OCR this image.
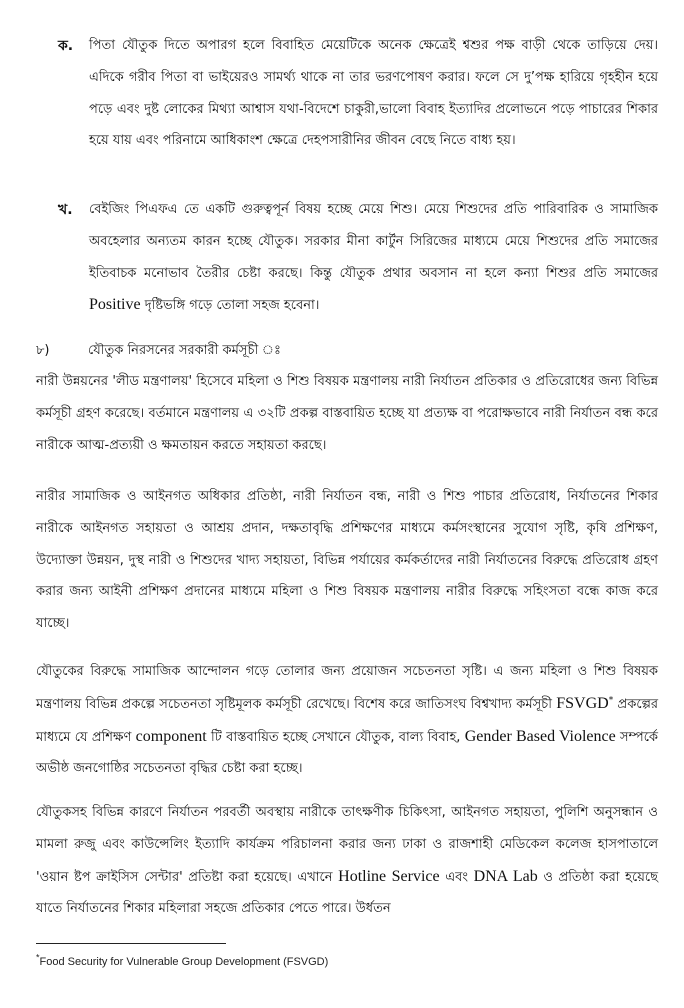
ক. পিতা যৌতুক দিতে অপারগ হলে বিবাহিত মেয়েটিকে অনেক ক্ষেত্রেই শ্বশুর পক্ষ বাড়ী থেকে তাড়িয়ে দেয়। এদিকে গরীব পিতা বা ভাইয়েরও সামর্থ্য থাকে না তার ভরণপোষণ করার। ফলে সে দু’পক্ষ হারিয়ে গৃহহীন হয়ে পড়ে এবং দুষ্ট লোকের মিথ্যা আশ্বাস যথা-বিদেশে চাকুরী,ভালো বিবাহ ইত্যাদির প্রলোভনে পড়ে পাচারের শিকার হয়ে যায় এবং পরিনামে আধিকাংশ ক্ষেত্রে দেহপসারীনির জীবন বেছে নিতে বাধ্য হয়।

খ. বেইজিং পিএফএ তে একটি গুরুত্বপূর্ন বিষয় হচ্ছে মেয়ে শিশু। মেয়ে শিশুদের প্রতি পারিবারিক ও সামাজিক অবহেলার অন্যতম কারন হচ্ছে যৌতুক। সরকার মীনা কার্টুন সিরিজের মাধ্যমে মেয়ে শিশুদের প্রতি সমাজের ইতিবাচক মনোভাব তৈরীর চেষ্টা করছে। কিন্তু যৌতুক প্রথার অবসান না হলে কন্যা শিশুর প্রতি সমাজের Positive দৃষ্টিভঙ্গি গড়ে তোলা সহজ হবেনা।

৮)	যৌতুক নিরসনের সরকারী কর্মসূচী ঃ

নারী উন্নয়নের 'লীড মন্ত্রণালয়' হিসেবে মহিলা ও শিশু বিষয়ক মন্ত্রণালয় নারী নির্যাতন প্রতিকার ও প্রতিরোধের জন্য বিভিন্ন কর্মসূচী গ্রহণ করেছে। বর্তমানে মন্ত্রণালয় এ ৩২টি প্রকল্প বাস্তবায়িত হচ্ছে যা প্রত্যক্ষ বা পরোক্ষভাবে নারী নির্যাতন বন্ধ করে নারীকে আত্ম-প্রত্যয়ী ও ক্ষমতায়ন করতে সহায়তা করছে।

নারীর সামাজিক ও আইনগত অধিকার প্রতিষ্ঠা, নারী নির্যাতন বন্ধ, নারী ও শিশু পাচার প্রতিরোধ, নির্যাতনের শিকার নারীকে আইনগত সহায়তা ও আশ্রয় প্রদান, দক্ষতাবৃদ্ধি প্রশিক্ষণের মাধ্যমে কর্মসংস্থানের সুযোগ সৃষ্টি, কৃষি প্রশিক্ষণ, উদ্যোক্তা উন্নয়ন, দুস্থ নারী ও শিশুদের খাদ্য সহায়তা, বিভিন্ন পর্যায়ের কর্মকর্তাদের নারী নির্যাতনের বিরুদ্ধে প্রতিরোধ গ্রহণ করার জন্য আইনী প্রশিক্ষণ প্রদানের মাধ্যমে মহিলা ও শিশু বিষয়ক মন্ত্রণালয় নারীর বিরুদ্ধে সহিংসতা বন্ধে কাজ করে যাচ্ছে।

যৌতুকের বিরুদ্ধে সামাজিক আন্দোলন গড়ে তোলার জন্য প্রয়োজন সচেতনতা সৃষ্টি। এ জন্য মহিলা ও শিশু বিষয়ক মন্ত্রণালয় বিভিন্ন প্রকল্পে সচেতনতা সৃষ্টিমূলক কর্মসূচী রেখেছে। বিশেষ করে জাতিসংঘ বিশ্বখাদ্য কর্মসূচী FSVGD* প্রকল্পের মাধ্যমে যে প্রশিক্ষণ component টি বাস্তবায়িত হচ্ছে সেখানে যৌতুক, বাল্য বিবাহ, Gender Based Violence সম্পর্কে অভীষ্ঠ জনগোষ্ঠির সচেতনতা বৃদ্ধির চেষ্টা করা হচ্ছে।

যৌতুকসহ বিভিন্ন কারণে নির্যাতন পরবর্তী অবস্থায় নারীকে তাৎক্ষণীক চিকিৎসা, আইনগত সহায়তা, পুলিশি অনুসন্ধান ও মামলা রুজু এবং কাউন্সেলিং ইত্যাদি কার্যক্রম পরিচালনা করার জন্য ঢাকা ও রাজশাহী মেডিকেল কলেজ হাসপাতালে 'ওয়ান ষ্টপ ক্রাইসিস সেন্টার' প্রতিষ্টা করা হয়েছে। এখানে Hotline Service এবং DNA Lab ও প্রতিষ্ঠা করা হয়েছে যাতে নির্যাতনের শিকার মহিলারা সহজে প্রতিকার পেতে পারে। উর্ধতন

*Food Security for Vulnerable Group Development (FSVGD)
